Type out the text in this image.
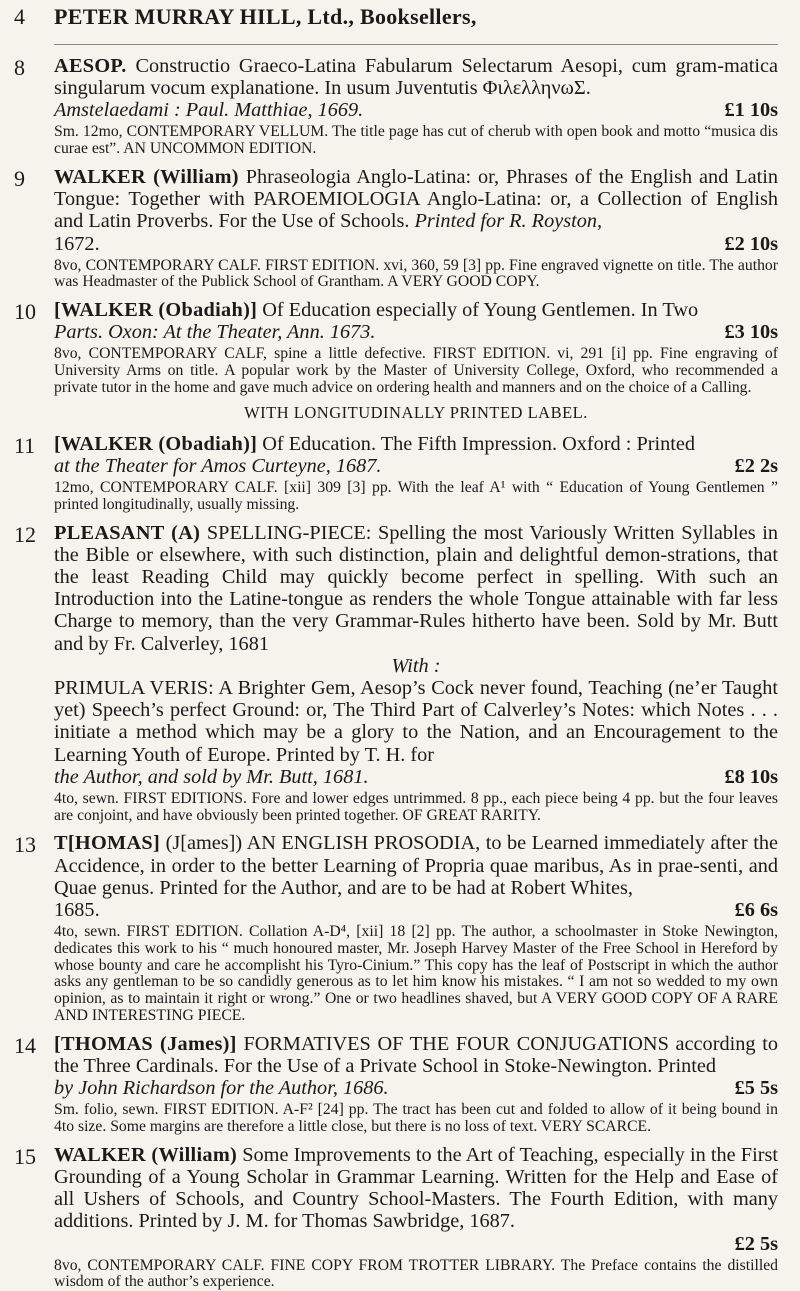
4	PETER MURRAY HILL, Ltd., Booksellers,
8	AESOP. Constructio Graeco-Latina Fabularum Selectarum Aesopi, cum gram-matica singularum vocum explanatione. In usum Juventutis ΦιλελληνωΣ.

Amstelaedami : Paul. Matthiae, 1669.	£1 10s

Sm. 12mo, CONTEMPORARY VELLUM. The title page has cut of cherub with open book and motto “musica dis curae est”. AN UNCOMMON EDITION.

9	WALKER (William) Phraseologia Anglo-Latina: or, Phrases of the English and Latin Tongue: Together with PAROEMIOLOGIA Anglo-Latina: or, a Collection of English and Latin Proverbs. For the Use of Schools. Printed for R. Royston,

1672.	£2 10s

8vo, CONTEMPORARY CALF. FIRST EDITION. xvi, 360, 59 [3] pp. Fine engraved vignette on title. The author was Headmaster of the Publick School of Grantham. A VERY GOOD COPY.

10 [WALKER (Obadiah)] Of Education especially of Young Gentlemen. In Two

Parts. Oxon: At the Theater, Ann. 1673.	£3 10s

8vo, CONTEMPORARY CALF, spine a little defective. FIRST EDITION. vi, 291 [i] pp. Fine engraving of University Arms on title. A popular work by the Master of University College, Oxford, who recommended a private tutor in the home and gave much advice on ordering health and manners and on the choice of a Calling.

WITH LONGITUDINALLY PRINTED LABEL.
11 [WALKER (Obadiah)] Of Education. The Fifth Impression. Oxford : Printed

at the Theater for Amos Curteyne, 1687.	£2 2s

12mo, CONTEMPORARY CALF. [xii] 309 [3] pp. With the leaf A¹ with “ Education of Young Gentlemen ” printed longitudinally, usually missing.

12 PLEASANT (A) SPELLING-PIECE: Spelling the most Variously Written Syllables in the Bible or elsewhere, with such distinction, plain and delightful demon-strations, that the least Reading Child may quickly become perfect in spelling. With such an Introduction into the Latine-tongue as renders the whole Tongue attainable with far less Charge to memory, than the very Grammar-Rules hitherto have been. Sold by Mr. Butt and by Fr. Calverley, 1681

With :

PRIMULA VERIS: A Brighter Gem, Aesop’s Cock never found, Teaching (ne’er Taught yet) Speech’s perfect Ground: or, The Third Part of Calverley’s Notes: which Notes . . . initiate a method which may be a glory to the Nation, and an Encouragement to the Learning Youth of Europe. Printed by T. H. for

the Author, and sold by Mr. Butt, 1681.	£8 10s

4to, sewn. FIRST EDITIONS. Fore and lower edges untrimmed. 8 pp., each piece being 4 pp. but the four leaves are conjoint, and have obviously been printed together. OF GREAT RARITY.

13 T[HOMAS] (J[ames]) AN ENGLISH PROSODIA, to be Learned immediately after the Accidence, in order to the better Learning of Propria quae maribus, As in prae-senti, and Quae genus. Printed for the Author, and are to be had at Robert Whites,

1685.	£6 6s

4to, sewn. FIRST EDITION. Collation A-D⁴, [xii] 18 [2] pp. The author, a schoolmaster in Stoke Newington, dedicates this work to his “ much honoured master, Mr. Joseph Harvey Master of the Free School in Hereford by whose bounty and care he accomplisht his Tyro-Cinium.” This copy has the leaf of Postscript in which the author asks any gentleman to be so candidly generous as to let him know his mistakes. “ I am not so wedded to my own opinion, as to maintain it right or wrong.” One or two headlines shaved, but A VERY GOOD COPY OF A RARE AND INTERESTING PIECE.

14 [THOMAS (James)] FORMATIVES OF THE FOUR CONJUGATIONS according to the Three Cardinals. For the Use of a Private School in Stoke-Newington. Printed

by John Richardson for the Author, 1686.	£5 5s

Sm. folio, sewn. FIRST EDITION. A-F² [24] pp. The tract has been cut and folded to allow of it being bound in 4to size. Some margins are therefore a little close, but there is no loss of text. VERY SCARCE.

15 WALKER (William) Some Improvements to the Art of Teaching, especially in the First Grounding of a Young Scholar in Grammar Learning. Written for the Help and Ease of all Ushers of Schools, and Country School-Masters. The Fourth Edition, with many additions. Printed by J. M. for Thomas Sawbridge, 1687.

£2 5s

8vo, CONTEMPORARY CALF. FINE COPY FROM TROTTER LIBRARY. The Preface contains the distilled wisdom of the author’s experience.
